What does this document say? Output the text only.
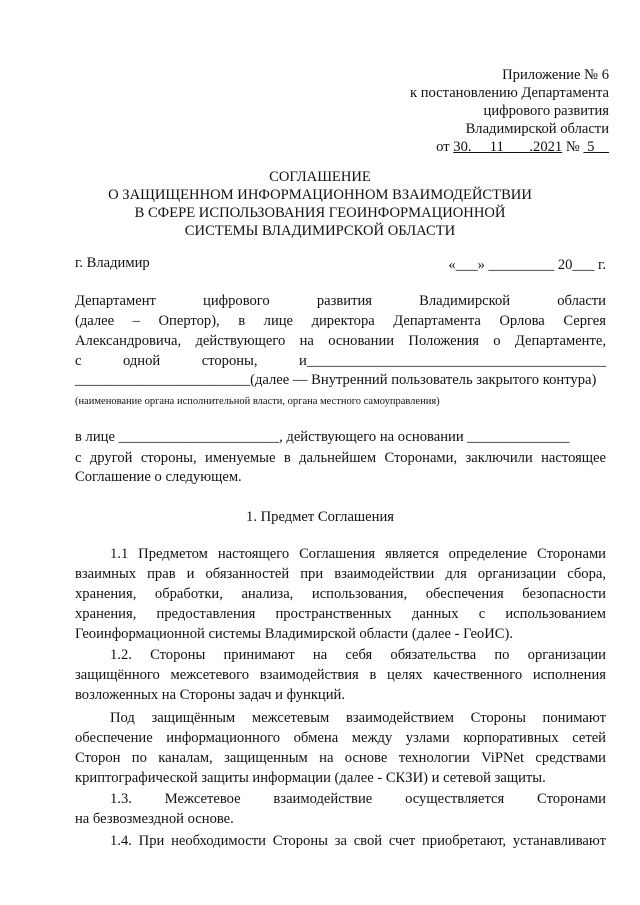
Приложение № 6
к постановлению Департамента
цифрового развития
Владимирской области
от 30. 11 .2021 №  5
СОГЛАШЕНИЕ
О ЗАЩИЩЕННОМ ИНФОРМАЦИОННОМ ВЗАИМОДЕЙСТВИИ
В СФЕРЕ ИСПОЛЬЗОВАНИЯ ГЕОИНФОРМАЦИОННОЙ
СИСТЕМЫ ВЛАДИМИРСКОЙ ОБЛАСТИ
г. Владимир	«___» _________ 20___ г.
Департамент цифрового развития Владимирской области
(далее – Опертор), в лице директора Департамента Орлова Сергея
Александровича, действующего на основании Положения о Департаменте,
с одной стороны, и_________________________________________
________________________(далее — Внутренний пользователь закрытого контура)
(наименование органа исполнительной власти, органа местного самоуправления)
в лице ______________________, действующего на основании ______________
с другой стороны, именуемые в дальнейшем Сторонами, заключили настоящее
Соглашение о следующем.
1. Предмет Соглашения
1.1 Предметом настоящего Соглашения является определение Сторонами
взаимных прав и обязанностей при взаимодействии для организации сбора,
хранения, обработки, анализа, использования, обеспечения безопасности
хранения, предоставления пространственных данных с использованием
Геоинформационной системы Владимирской области (далее - ГеоИС).
1.2. Стороны принимают на себя обязательства по организации
защищённого межсетевого взаимодействия в целях качественного исполнения
возложенных на Стороны задач и функций.
Под защищённым межсетевым взаимодействием Стороны понимают
обеспечение информационного обмена между узлами корпоративных сетей
Сторон по каналам, защищенным на основе технологии ViPNet средствами
криптографической защиты информации (далее - СКЗИ) и сетевой защиты.
1.3. Межсетевое взаимодействие осуществляется Сторонами
на безвозмездной основе.
1.4. При необходимости Стороны за свой счет приобретают, устанавливают
